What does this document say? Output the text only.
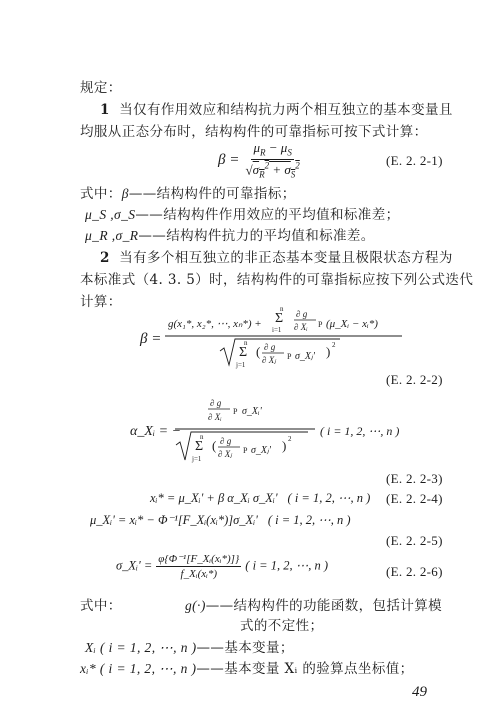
规定：
1 当仅有作用效应和结构抗力两个相互独立的基本变量且
均服从正态分布时，结构构件的可靠指标可按下式计算：
$\beta = \frac{\mu_R - \mu_S}{√\sigma_R^2 + \sigma_S^2}$	(E. 2. 2-1)
式中：β——结构构件的可靠指标；
μ_S ,σ_S——结构构件作用效应的平均值和标准差；
μ_R ,σ_R——结构构件抗力的平均值和标准差。
2 当有多个相互独立的非正态基本变量且极限状态方程为
本标准式（4. 3. 5）时，结构构件的可靠指标应按下列公式迭代
计算：
β =
g(x₁*, x₂*, ⋯, xₙ*) +
n
Σ
i=1
∂ g
∂ Xᵢ P (μ_Xᵢ − xᵢ*)
n
Σ
j=1
( ∂ g
∂ Xⱼ P σ_Xⱼ' ) 2
(E. 2. 2-2)
α_Xᵢ = −
∂ g
∂ Xᵢ
P σ_Xᵢ'
n
Σ
j=1
( ∂ g
∂ Xⱼ P σ_Xⱼ' ) 2
( i = 1, 2, ⋯, n )
(E. 2. 2-3)
xᵢ* = μ_Xᵢ' + β α_Xᵢ σ_Xᵢ' ( i = 1, 2, ⋯, n ) (E. 2. 2-4)
μ_Xᵢ' = xᵢ* − Φ⁻¹[F_Xᵢ(xᵢ*)]σ_Xᵢ' ( i = 1, 2, ⋯, n )
(E. 2. 2-5)
σ_Xᵢ' = $\frac{\text{φ\{Φ⁻¹[F\_Xᵢ(xᵢ*)]\}}}{\text{f\_Xᵢ(xᵢ*)}}$ ( i = 1, 2, ⋯, n )	(E. 2. 2-6)
式中：	g(·)——结构构件的功能函数，包括计算模
式的不定性；
Xᵢ ( i = 1, 2, ⋯, n )——基本变量；
xᵢ* ( i = 1, 2, ⋯, n )——基本变量 Xᵢ 的验算点坐标值；
49
